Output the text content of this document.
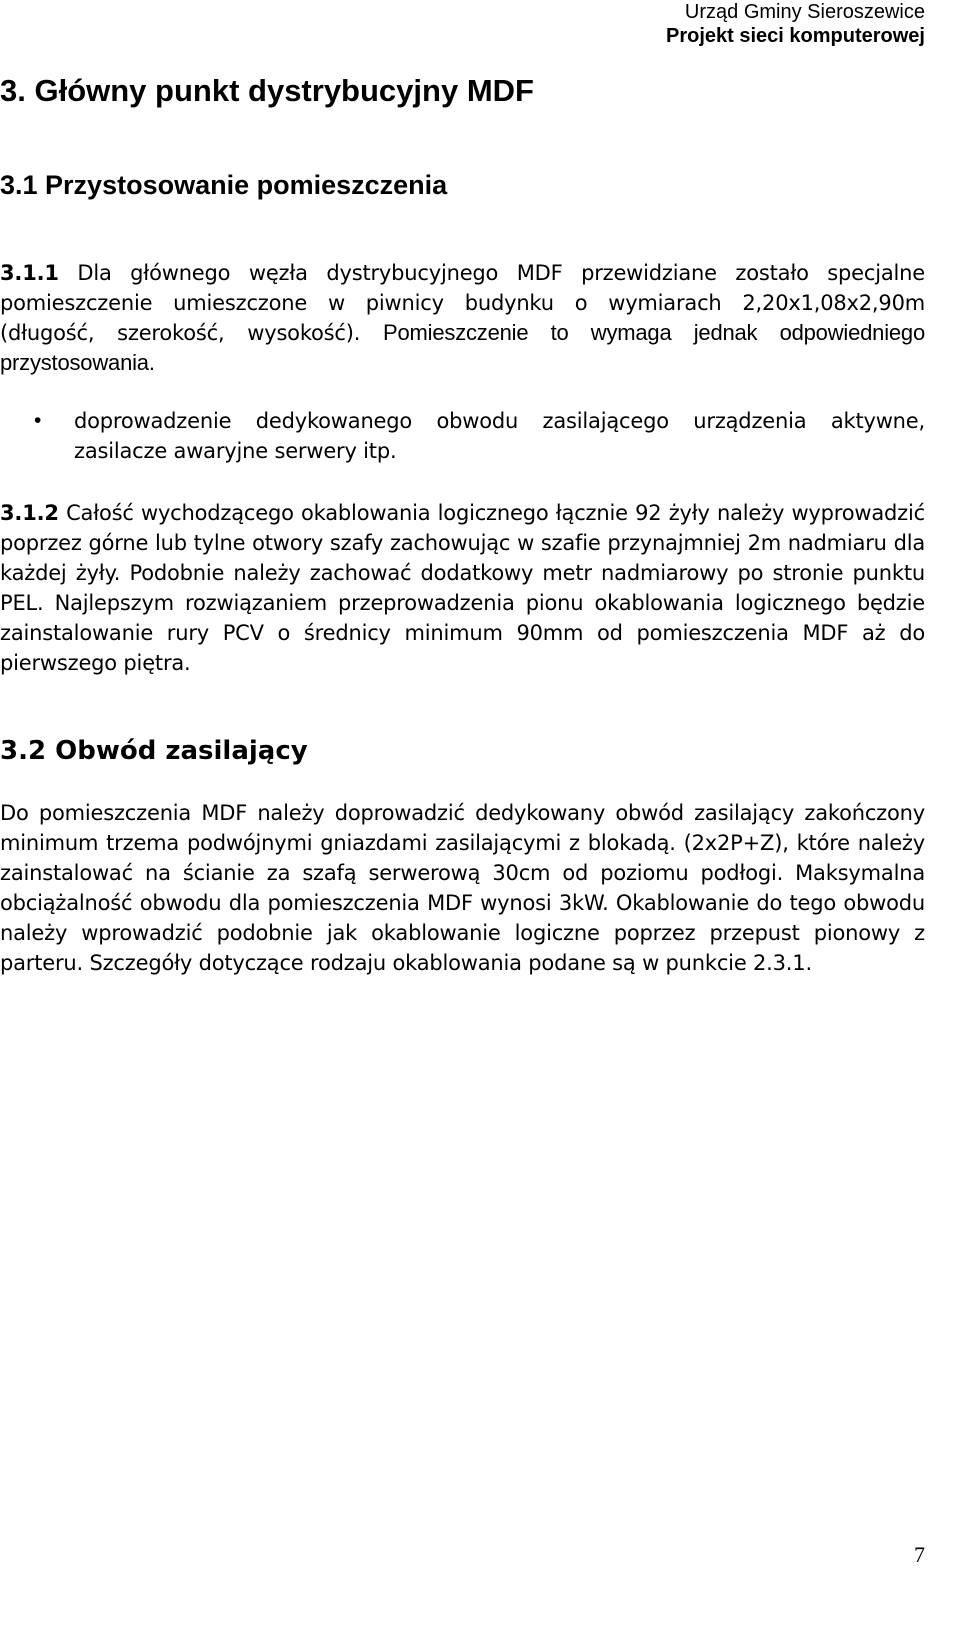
Urząd Gminy Sieroszewice
Projekt sieci komputerowej
3. Główny punkt dystrybucyjny MDF
3.1 Przystosowanie pomieszczenia
3.1.1 Dla głównego węzła dystrybucyjnego MDF przewidziane zostało specjalne pomieszczenie umieszczone w piwnicy budynku o wymiarach 2,20x1,08x2,90m (długość, szerokość, wysokość). Pomieszczenie to wymaga jednak odpowiedniego przystosowania.
• doprowadzenie dedykowanego obwodu zasilającego urządzenia aktywne, zasilacze awaryjne serwery itp.
3.1.2 Całość wychodzącego okablowania logicznego łącznie 92 żyły należy wyprowadzić poprzez górne lub tylne otwory szafy zachowując w szafie przynajmniej 2m nadmiaru dla każdej żyły. Podobnie należy zachować dodatkowy metr nadmiarowy po stronie punktu PEL. Najlepszym rozwiązaniem przeprowadzenia pionu okablowania logicznego będzie zainstalowanie rury PCV o średnicy minimum 90mm od pomieszczenia MDF aż do pierwszego piętra.
3.2 Obwód zasilający
Do pomieszczenia MDF należy doprowadzić dedykowany obwód zasilający zakończony minimum trzema podwójnymi gniazdami zasilającymi z blokadą. (2x2P+Z), które należy zainstalować na ścianie za szafą serwerową 30cm od poziomu podłogi. Maksymalna obciążalność obwodu dla pomieszczenia MDF wynosi 3kW. Okablowanie do tego obwodu należy wprowadzić podobnie jak okablowanie logiczne poprzez przepust pionowy z parteru. Szczegóły dotyczące rodzaju okablowania podane są w punkcie 2.3.1.
7
